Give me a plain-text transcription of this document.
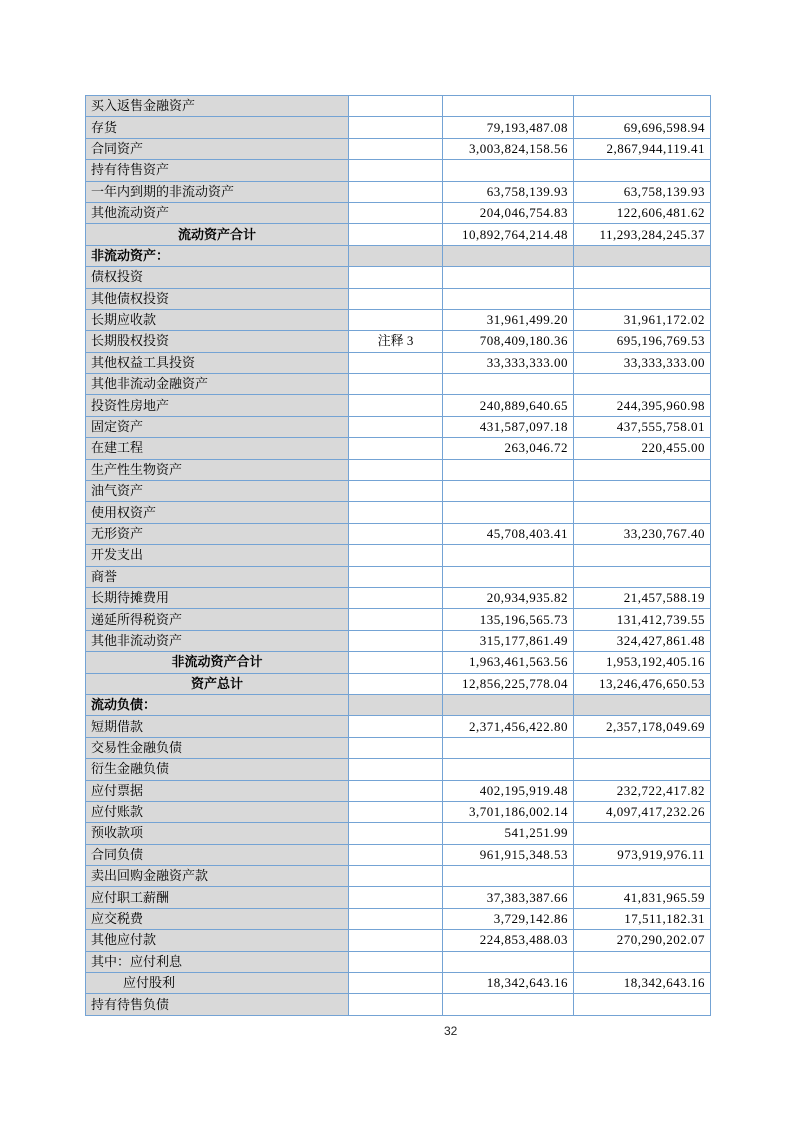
买入返售金融资产			
存货		79,193,487.08	69,696,598.94
合同资产		3,003,824,158.56	2,867,944,119.41
持有待售资产			
一年内到期的非流动资产		63,758,139.93	63,758,139.93
其他流动资产		204,046,754.83	122,606,481.62
流动资产合计		10,892,764,214.48	11,293,284,245.37
非流动资产：			
债权投资			
其他债权投资			
长期应收款		31,961,499.20	31,961,172.02
长期股权投资	注释 3	708,409,180.36	695,196,769.53
其他权益工具投资		33,333,333.00	33,333,333.00
其他非流动金融资产			
投资性房地产		240,889,640.65	244,395,960.98
固定资产		431,587,097.18	437,555,758.01
在建工程		263,046.72	220,455.00
生产性生物资产			
油气资产			
使用权资产			
无形资产		45,708,403.41	33,230,767.40
开发支出			
商誉			
长期待摊费用		20,934,935.82	21,457,588.19
递延所得税资产		135,196,565.73	131,412,739.55
其他非流动资产		315,177,861.49	324,427,861.48
非流动资产合计		1,963,461,563.56	1,953,192,405.16
资产总计		12,856,225,778.04	13,246,476,650.53
流动负债：			
短期借款		2,371,456,422.80	2,357,178,049.69
交易性金融负债			
衍生金融负债			
应付票据		402,195,919.48	232,722,417.82
应付账款		3,701,186,002.14	4,097,417,232.26
预收款项		541,251.99	
合同负债		961,915,348.53	973,919,976.11
卖出回购金融资产款			
应付职工薪酬		37,383,387.66	41,831,965.59
应交税费		3,729,142.86	17,511,182.31
其他应付款		224,853,488.03	270,290,202.07
其中：应付利息			
应付股利		18,342,643.16	18,342,643.16
持有待售负债			
32
